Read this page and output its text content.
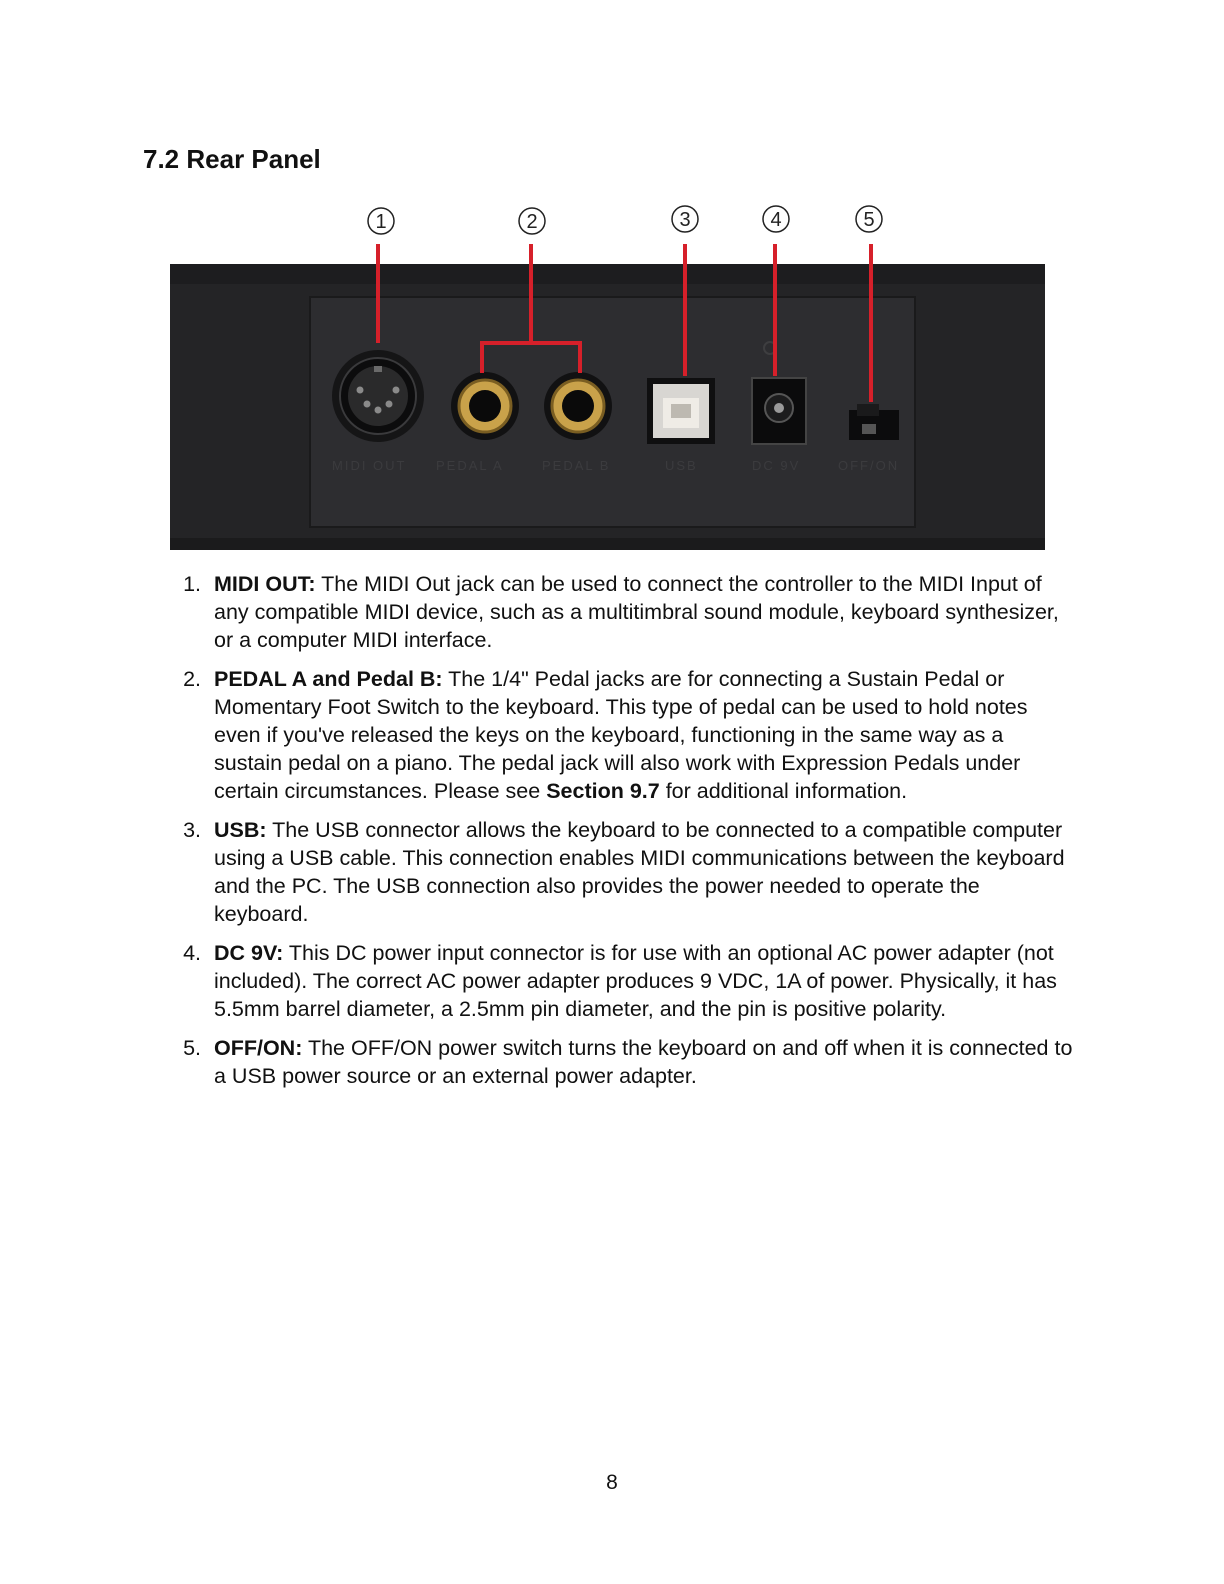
7.2 Rear Panel
MIDI OUT PEDAL A	PEDAL B	USB	DC 9V	OFF/ON
1	2	3	4	5
1. MIDI OUT: The MIDI Out jack can be used to connect the controller to the MIDI Input of any compatible MIDI device, such as a multitimbral sound module, keyboard synthesizer, or a computer MIDI interface.
2. PEDAL A and Pedal B: The 1/4" Pedal jacks are for connecting a Sustain Pedal or Momentary Foot Switch to the keyboard. This type of pedal can be used to hold notes even if you've released the keys on the keyboard, functioning in the same way as a sustain pedal on a piano. The pedal jack will also work with Expression Pedals under certain circumstances. Please see Section 9.7 for additional information.
3. USB: The USB connector allows the keyboard to be connected to a compatible computer using a USB cable. This connection enables MIDI communications between the keyboard and the PC. The USB connection also provides the power needed to operate the keyboard.
4. DC 9V: This DC power input connector is for use with an optional AC power adapter (not included). The correct AC power adapter produces 9 VDC, 1A of power. Physically, it has 5.5mm barrel diameter, a 2.5mm pin diameter, and the pin is positive polarity.
5. OFF/ON: The OFF/ON power switch turns the keyboard on and off when it is connected to a USB power source or an external power adapter.
8
